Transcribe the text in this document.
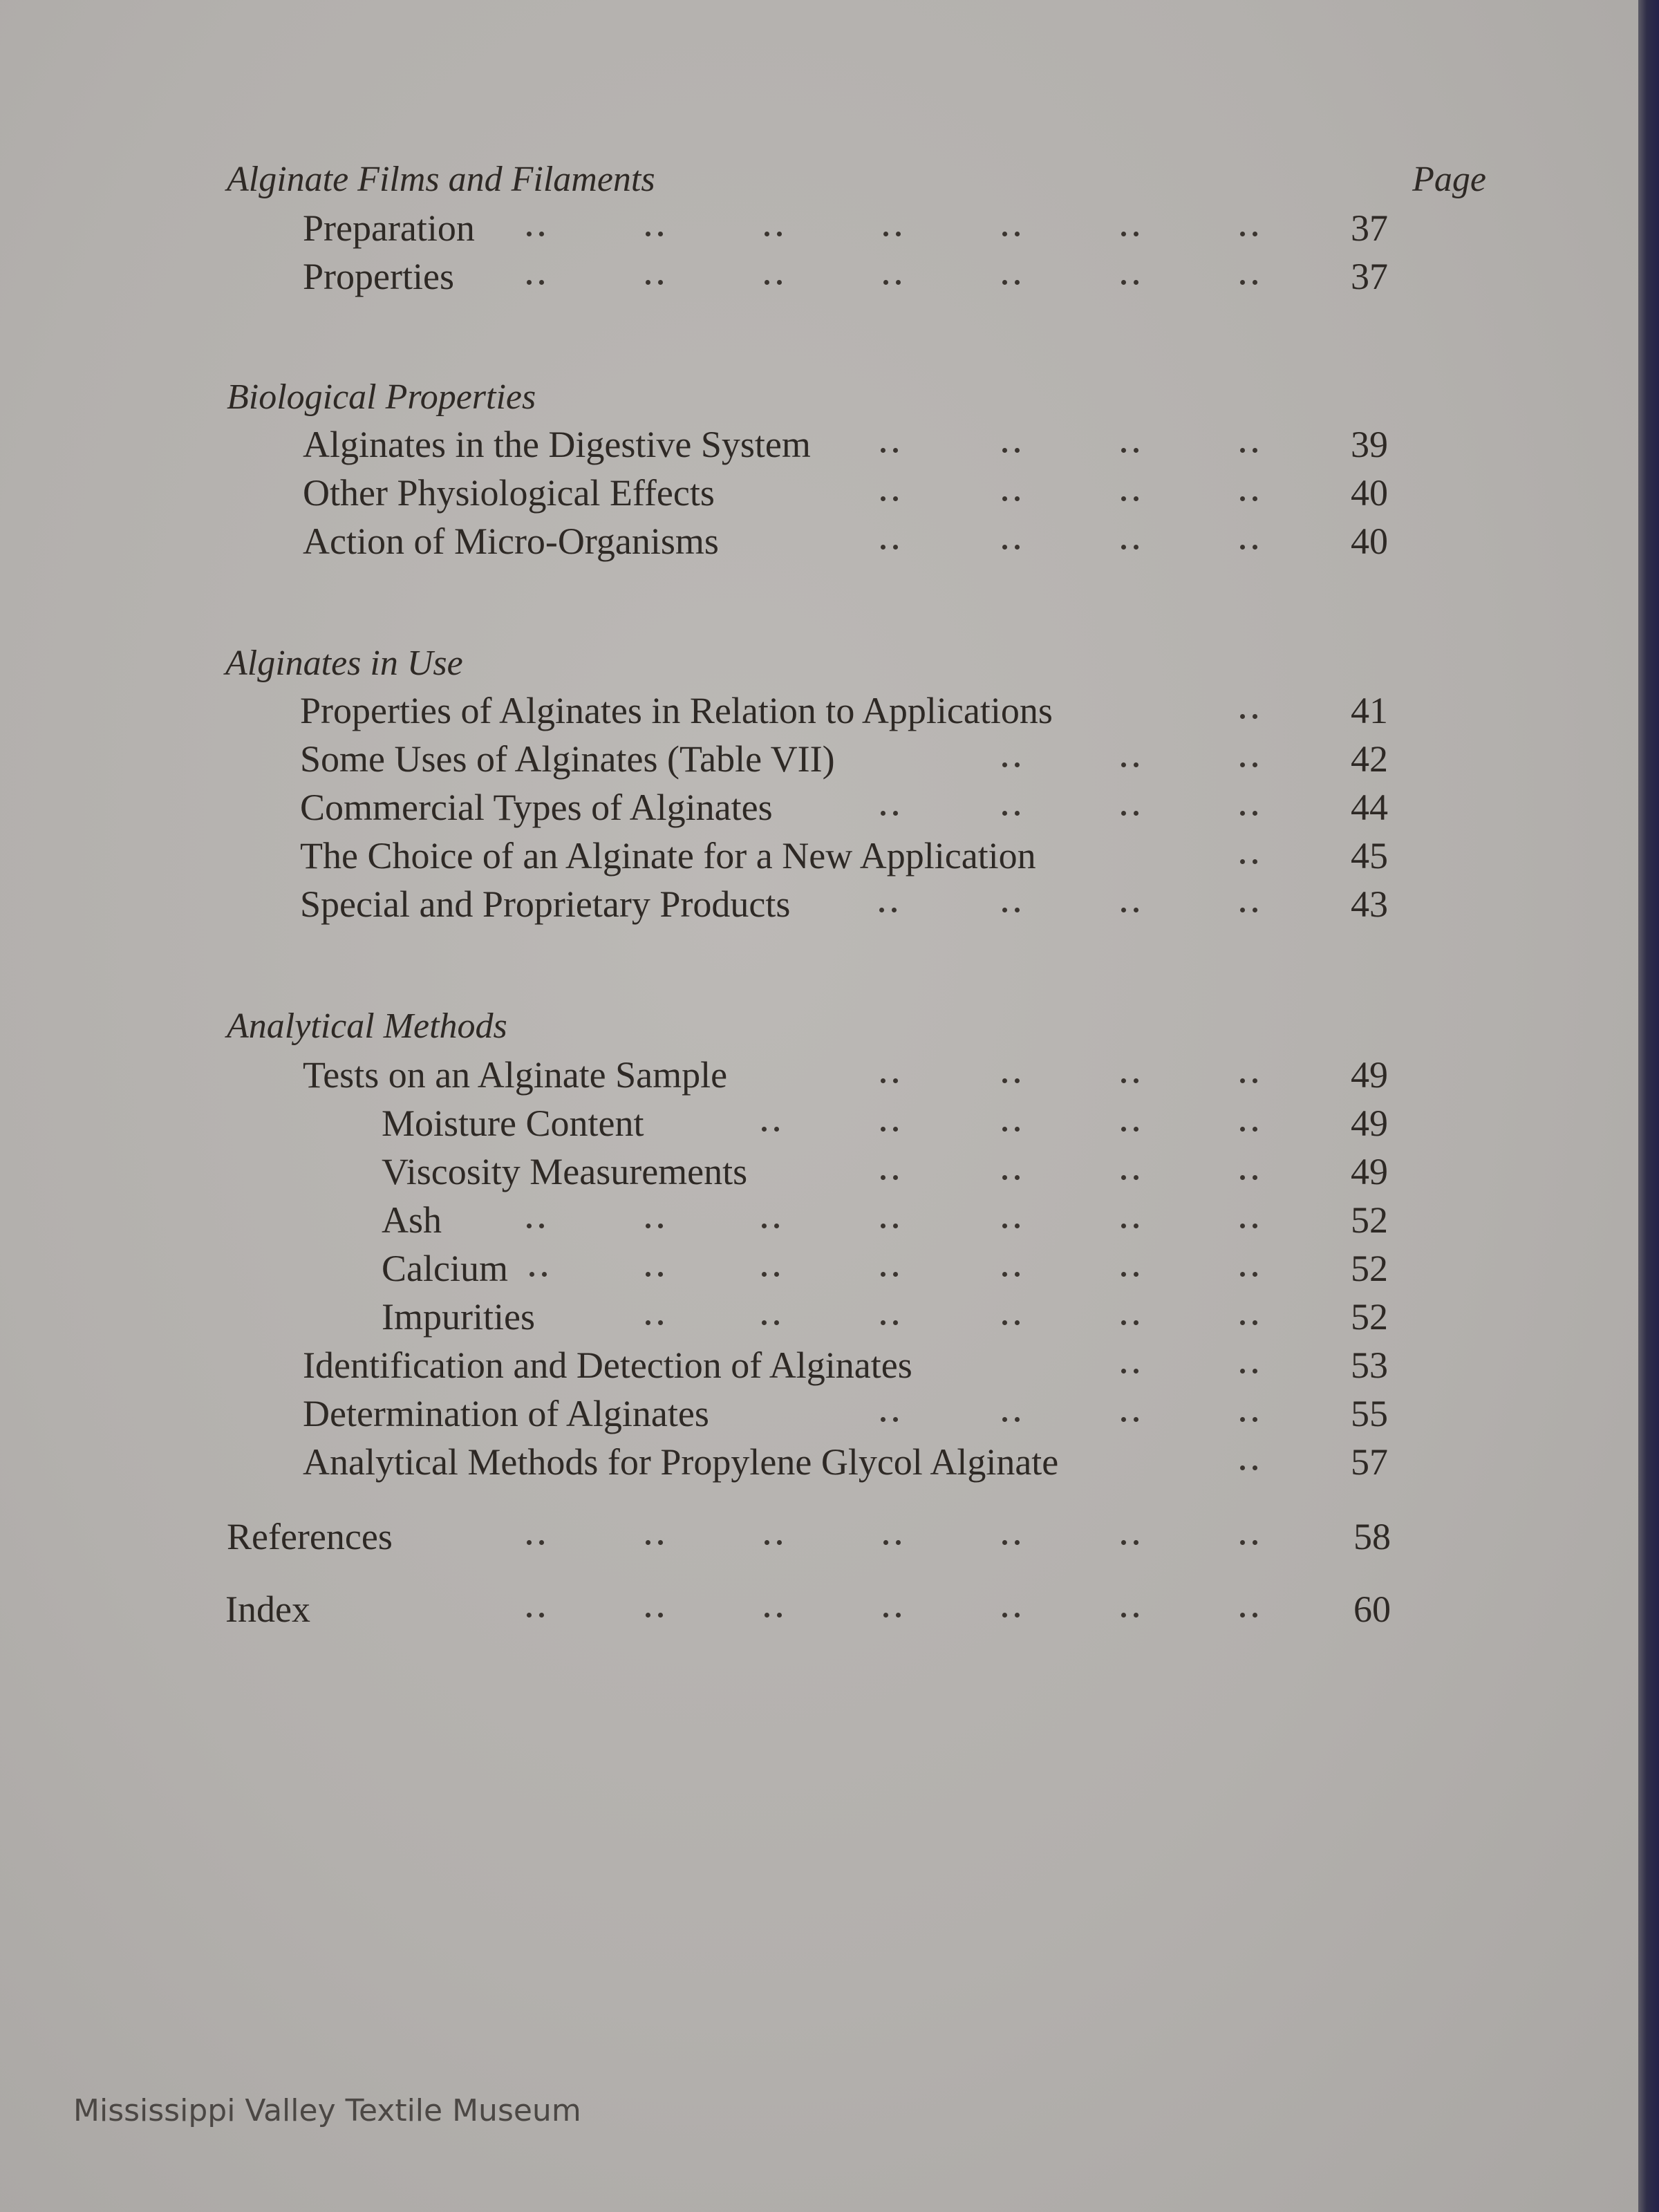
Alginate Films and Filaments	Page
Preparation	37
Properties	37
Biological Properties
Alginates in the Digestive System	39
Other Physiological Effects	40
Action of Micro-Organisms	40
Alginates in Use
Properties of Alginates in Relation to Applications	41
Some Uses of Alginates (Table VII)	42
Commercial Types of Alginates	44
The Choice of an Alginate for a New Application	45
Special and Proprietary Products	43
Analytical Methods
Tests on an Alginate Sample	49
Moisture Content	49
Viscosity Measurements	49
Ash	52
Calcium	52
Impurities	52
Identification and Detection of Alginates	53
Determination of Alginates	55
Analytical Methods for Propylene Glycol Alginate	57
References	58
Index	60
Mississippi Valley Textile Museum
